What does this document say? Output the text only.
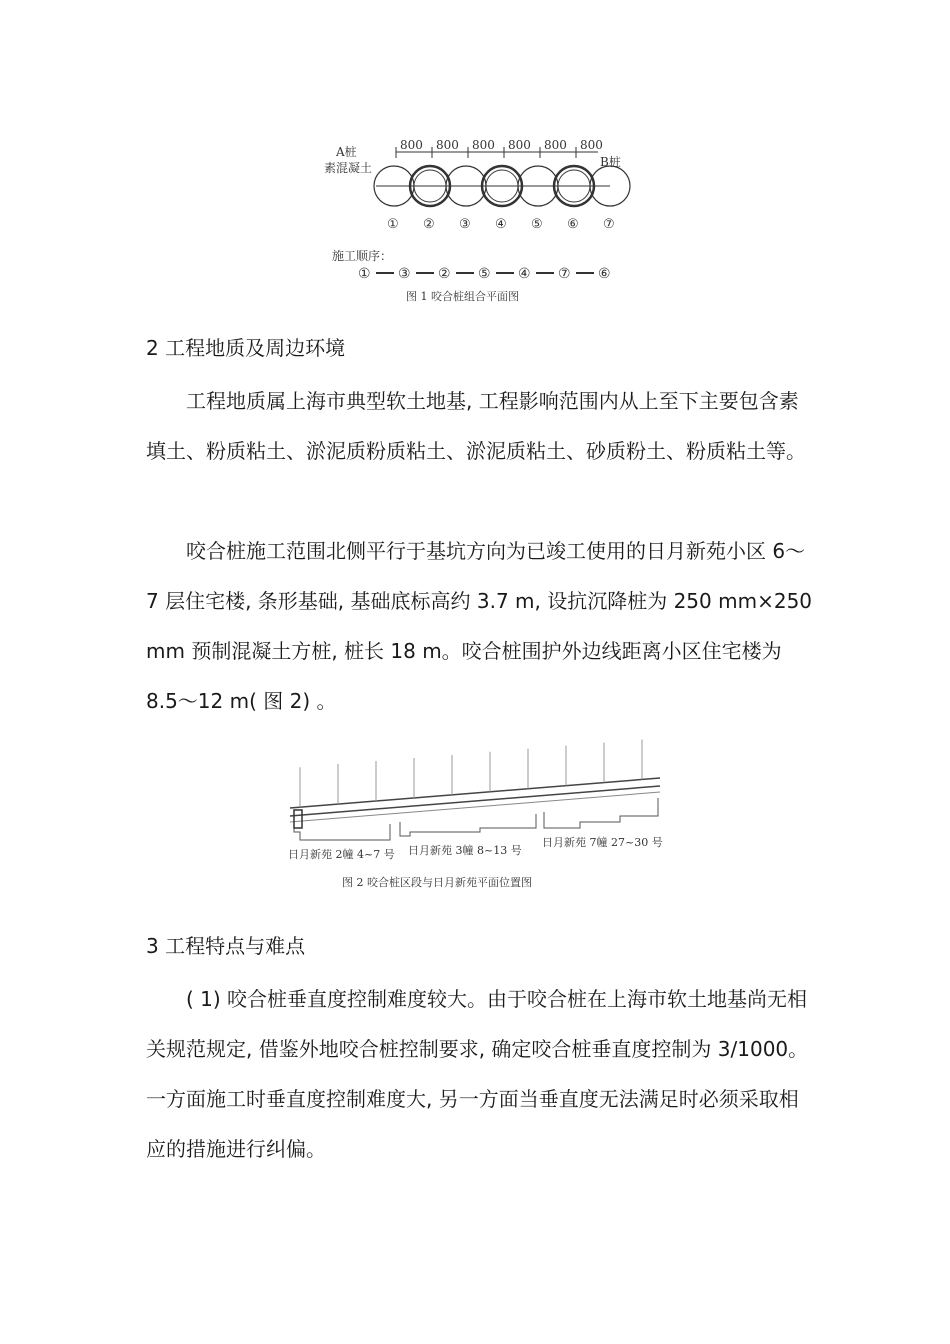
A桩
素混凝土	B桩
800 800 800 800 800 800
① ② ③ ④ ⑤ ⑥ ⑦
施工顺序：
① ③ ② ⑤ ④ ⑦ ⑥
图 1 咬合桩组合平面图
2 工程地质及周边环境

工程地质属上海市典型软土地基, 工程影响范围内从上至下主要包含素填土、粉质粘土、淤泥质粉质粘土、淤泥质粘土、砂质粉土、粉质粘土等。

咬合桩施工范围北侧平行于基坑方向为已竣工使用的日月新苑小区 6～7 层住宅楼, 条形基础, 基础底标高约 3.7 m, 设抗沉降桩为 250 mm×250 mm 预制混凝土方桩, 桩长 18 m。咬合桩围护外边线距离小区住宅楼为 8.5～12 m( 图 2) 。

日月新苑 2幢 4~7 号 日月新苑 3幢 8~13 号
日月新苑 7幢 27~30 号
图 2 咬合桩区段与日月新苑平面位置图
3 工程特点与难点

( 1) 咬合桩垂直度控制难度较大。由于咬合桩在上海市软土地基尚无相关规范规定, 借鉴外地咬合桩控制要求, 确定咬合桩垂直度控制为 3/1000。一方面施工时垂直度控制难度大, 另一方面当垂直度无法满足时必须采取相应的措施进行纠偏。
